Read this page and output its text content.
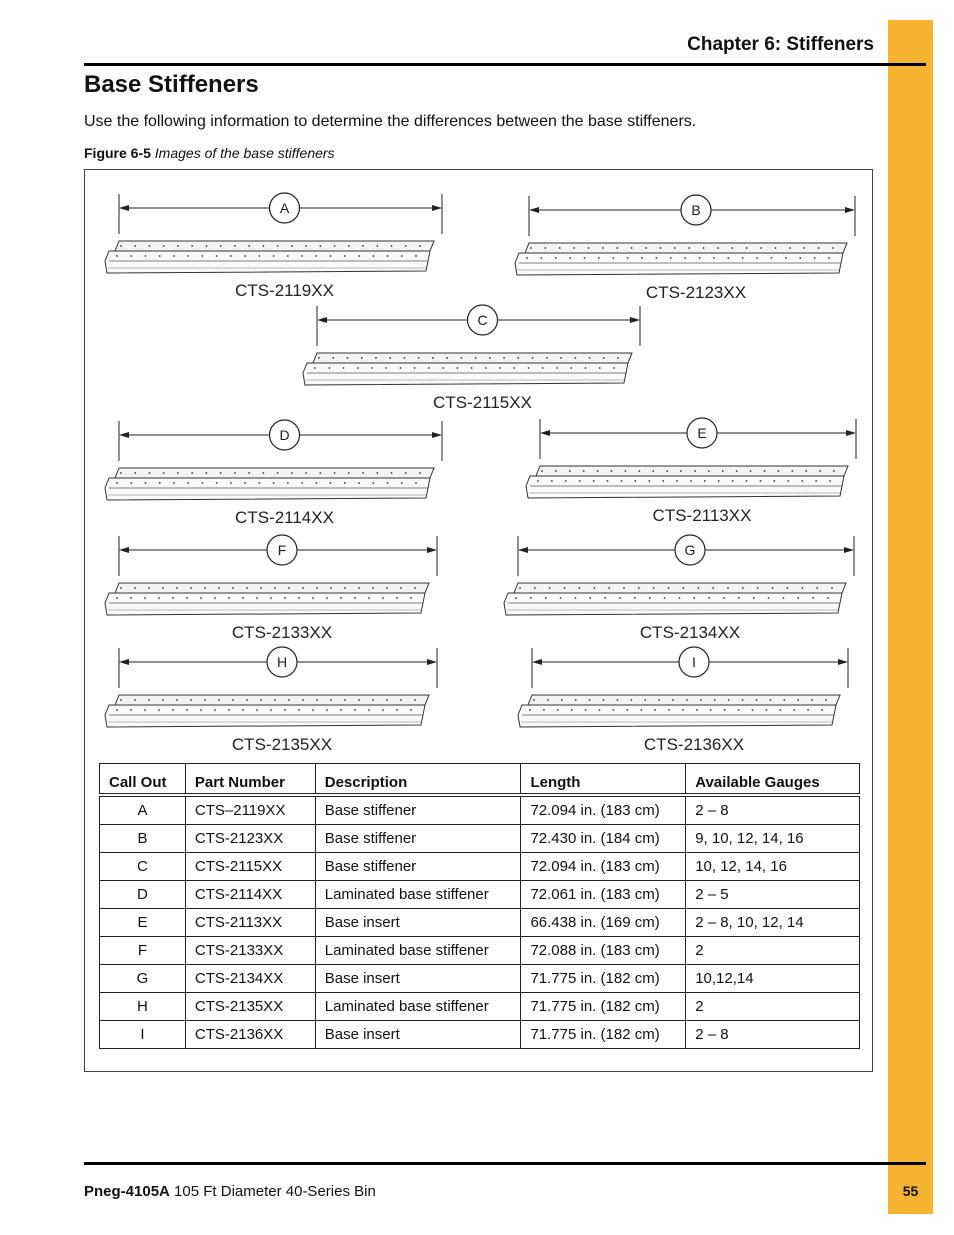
Chapter 6: Stiffeners
Base Stiffeners
Use the following information to determine the differences between the base stiffeners.
Figure 6-5 Images of the base stiffeners
A
CTS-2119XX
B
CTS-2123XX
C
CTS-2115XX
D
CTS-2114XX
E
CTS-2113XX
F
CTS-2133XX
G
CTS-2134XX
H
CTS-2135XX
I
CTS-2136XX
Call Out	Part Number	Description	Length	Available Gauges
A	CTS–2119XX	Base stiffener	72.094 in. (183 cm)	2 – 8
B	CTS-2123XX	Base stiffener	72.430 in. (184 cm)	9, 10, 12, 14, 16
C	CTS-2115XX	Base stiffener	72.094 in. (183 cm)	10, 12, 14, 16
D	CTS-2114XX	Laminated base stiffener	72.061 in. (183 cm)	2 – 5
E	CTS-2113XX	Base insert	66.438 in. (169 cm)	2 – 8, 10, 12, 14
F	CTS-2133XX	Laminated base stiffener	72.088 in. (183 cm)	2
G	CTS-2134XX	Base insert	71.775 in. (182 cm)	10,12,14
H	CTS-2135XX	Laminated base stiffener	71.775 in. (182 cm)	2
I	CTS-2136XX	Base insert	71.775 in. (182 cm)	2 – 8
Pneg-4105A 105 Ft Diameter 40-Series Bin	55
